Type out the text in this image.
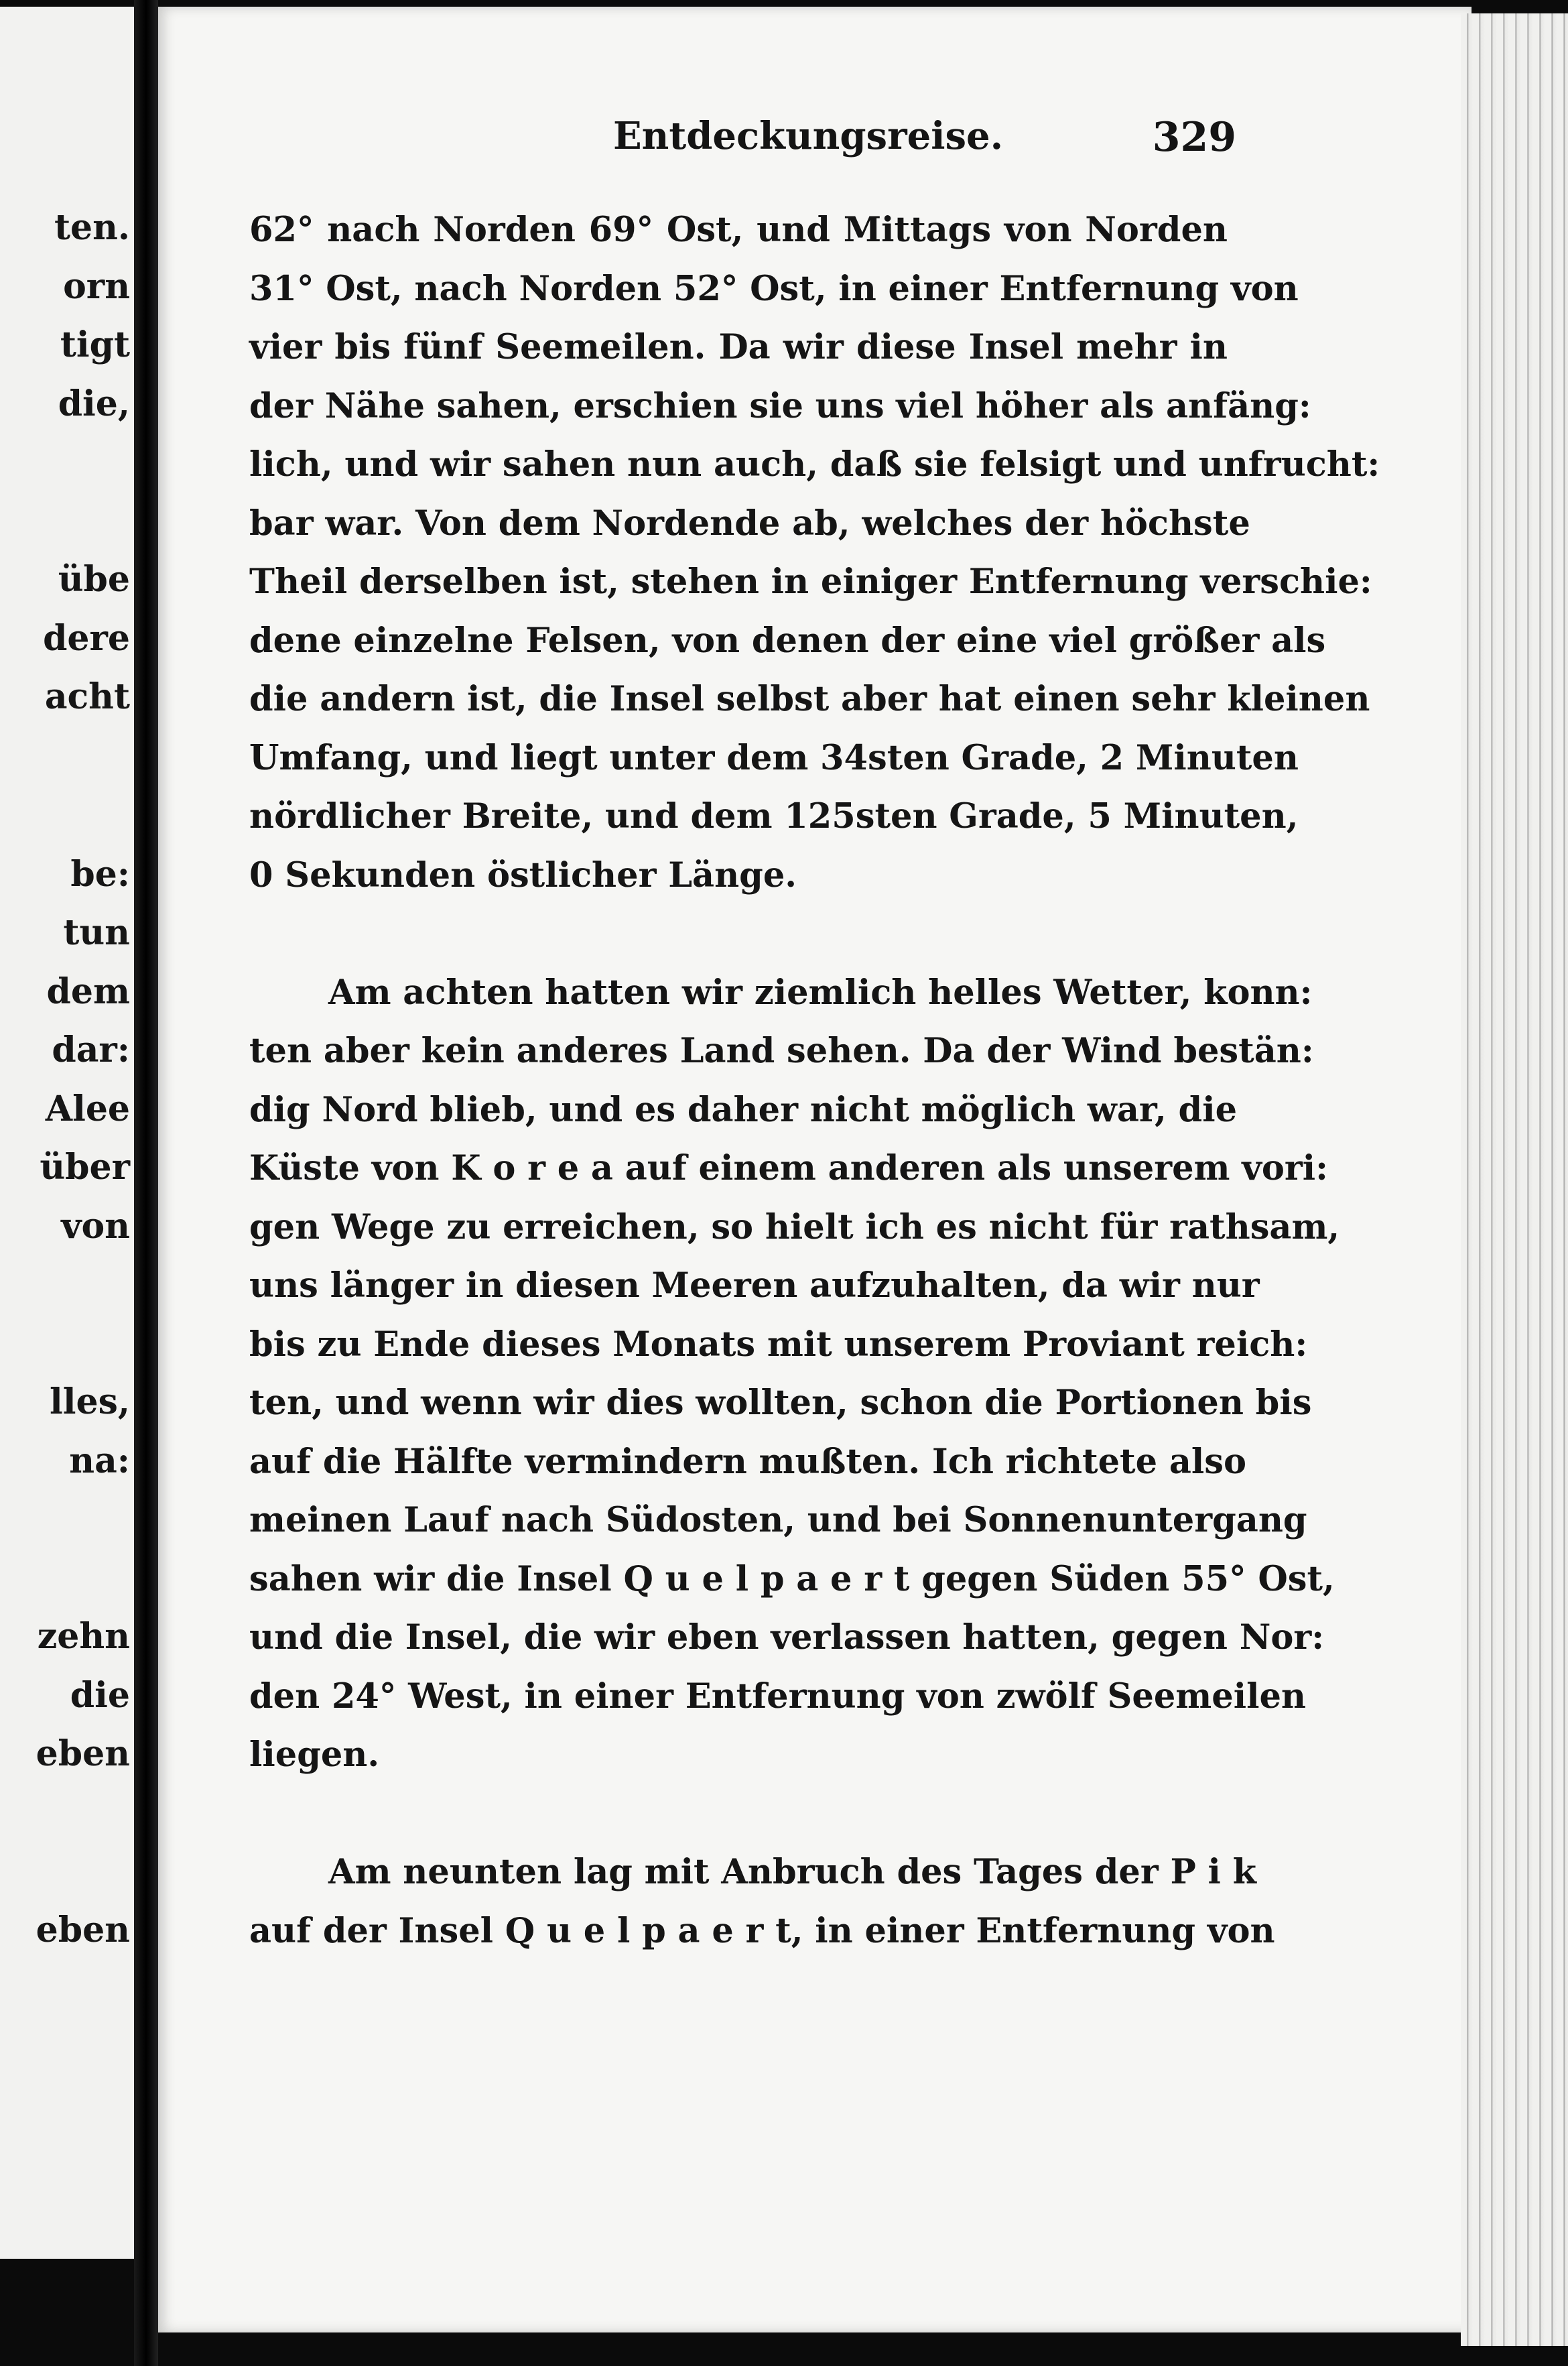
ten.
orn
tigt
die,
übe
dere
acht
be:
tun
dem
dar:
Alee
über
von
lles,
na:
zehn
die
eben
eben
Entdeckungsreise.	329
62° nach Norden 69° Ost, und Mittags von Norden
31° Ost, nach Norden 52° Ost, in einer Entfernung von
vier bis fünf Seemeilen. Da wir diese Insel mehr in
der Nähe sahen, erschien sie uns viel höher als anfäng:
lich, und wir sahen nun auch, daß sie felsigt und unfrucht:
bar war. Von dem Nordende ab, welches der höchste
Theil derselben ist, stehen in einiger Entfernung verschie:
dene einzelne Felsen, von denen der eine viel größer als
die andern ist, die Insel selbst aber hat einen sehr kleinen
Umfang, und liegt unter dem 34sten Grade, 2 Minuten
nördlicher Breite, und dem 125sten Grade, 5 Minuten,
0 Sekunden östlicher Länge.
Am achten hatten wir ziemlich helles Wetter, konn:
ten aber kein anderes Land sehen. Da der Wind bestän:
dig Nord blieb, und es daher nicht möglich war, die
Küste von K o r e a auf einem anderen als unserem vori:
gen Wege zu erreichen, so hielt ich es nicht für rathsam,
uns länger in diesen Meeren aufzuhalten, da wir nur
bis zu Ende dieses Monats mit unserem Proviant reich:
ten, und wenn wir dies wollten, schon die Portionen bis
auf die Hälfte vermindern mußten. Ich richtete also
meinen Lauf nach Südosten, und bei Sonnenuntergang
sahen wir die Insel Q u e l p a e r t gegen Süden 55° Ost,
und die Insel, die wir eben verlassen hatten, gegen Nor:
den 24° West, in einer Entfernung von zwölf Seemeilen
liegen.
Am neunten lag mit Anbruch des Tages der P i k
auf der Insel Q u e l p a e r t, in einer Entfernung von
